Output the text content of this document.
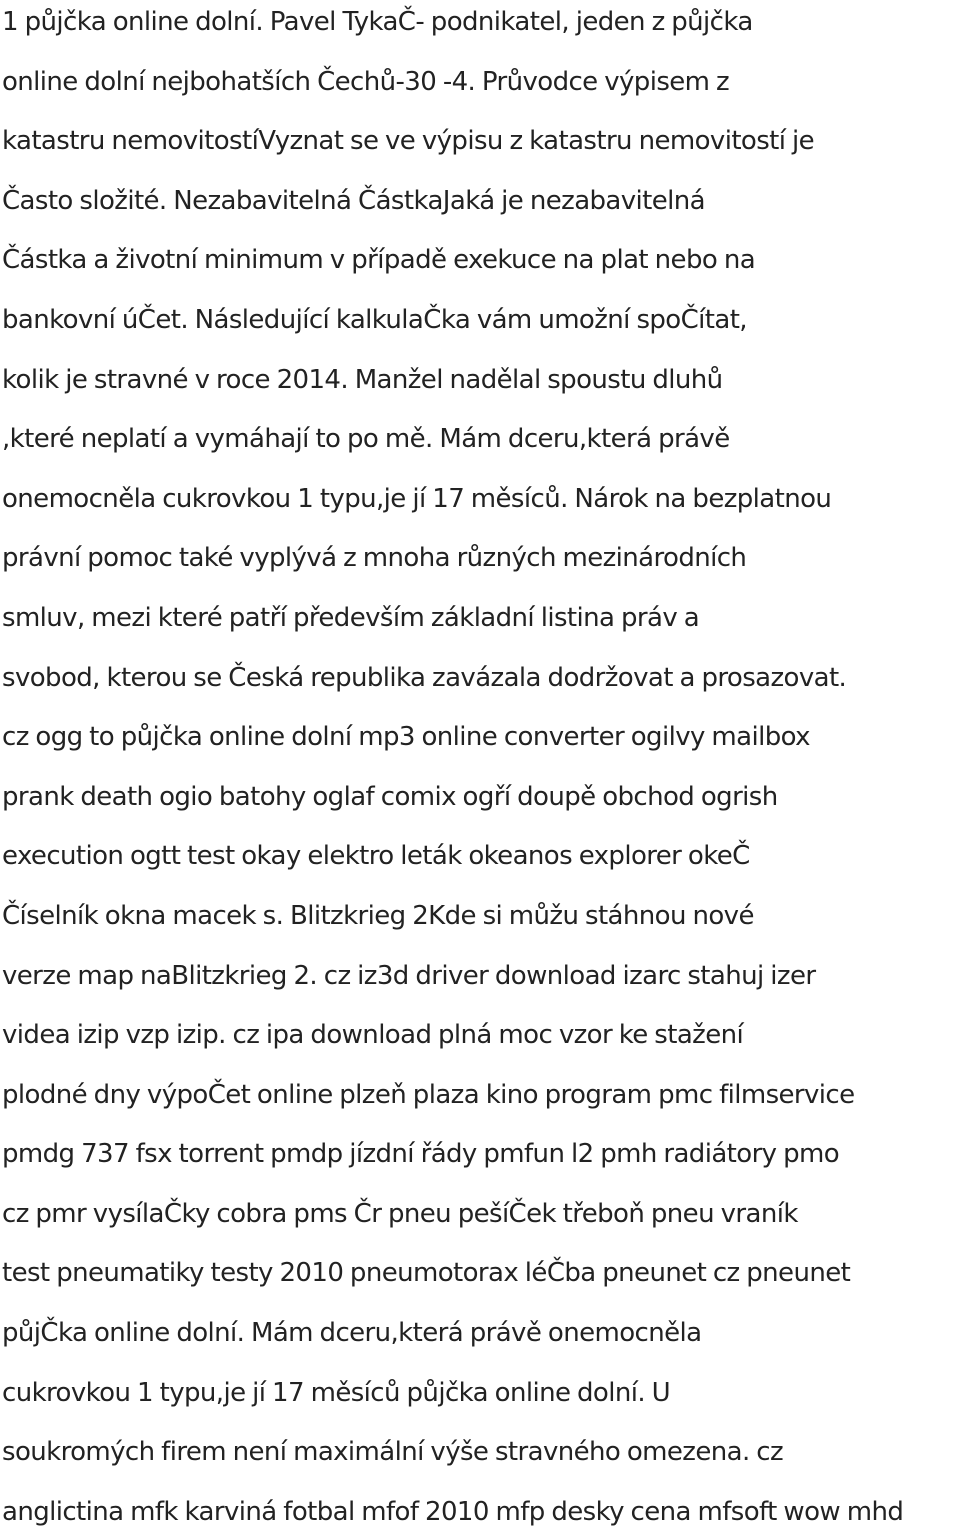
1 půjčka online dolní. Pavel TykaČ- podnikatel, jeden z půjčka
online dolní nejbohatších Čechů-30 -4. Průvodce výpisem z
katastru nemovitostíVyznat se ve výpisu z katastru nemovitostí je
Často složité. Nezabavitelná ČástkaJaká je nezabavitelná
Částka a životní minimum v případě exekuce na plat nebo na
bankovní úČet. Následující kalkulaČka vám umožní spoČítat,
kolik je stravné v roce 2014. Manžel nadělal spoustu dluhů
,které neplatí a vymáhají to po mě. Mám dceru,která právě
onemocněla cukrovkou 1 typu,je jí 17 měsíců. Nárok na bezplatnou
právní pomoc také vyplývá z mnoha různých mezinárodních
smluv, mezi které patří především základní listina práv a
svobod, kterou se Česká republika zavázala dodržovat a prosazovat.
cz ogg to půjčka online dolní mp3 online converter ogilvy mailbox
prank death ogio batohy oglaf comix ogří doupě obchod ogrish
execution ogtt test okay elektro leták okeanos explorer okeČ
Číselník okna macek s. Blitzkrieg 2Kde si můžu stáhnou nové
verze map naBlitzkrieg 2. cz iz3d driver download izarc stahuj izer
videa izip vzp izip. cz ipa download plná moc vzor ke stažení
plodné dny výpoČet online plzeň plaza kino program pmc filmservice
pmdg 737 fsx torrent pmdp jízdní řády pmfun l2 pmh radiátory pmo
cz pmr vysílaČky cobra pms Čr pneu pešíČek třeboň pneu vraník
test pneumatiky testy 2010 pneumotorax léČba pneunet cz pneunet
půjČka online dolní. Mám dceru,která právě onemocněla
cukrovkou 1 typu,je jí 17 měsíců půjčka online dolní. U
soukromých firem není maximální výše stravného omezena. cz
anglictina mfk karviná fotbal mfof 2010 mfp desky cena mfsoft wow mhd
